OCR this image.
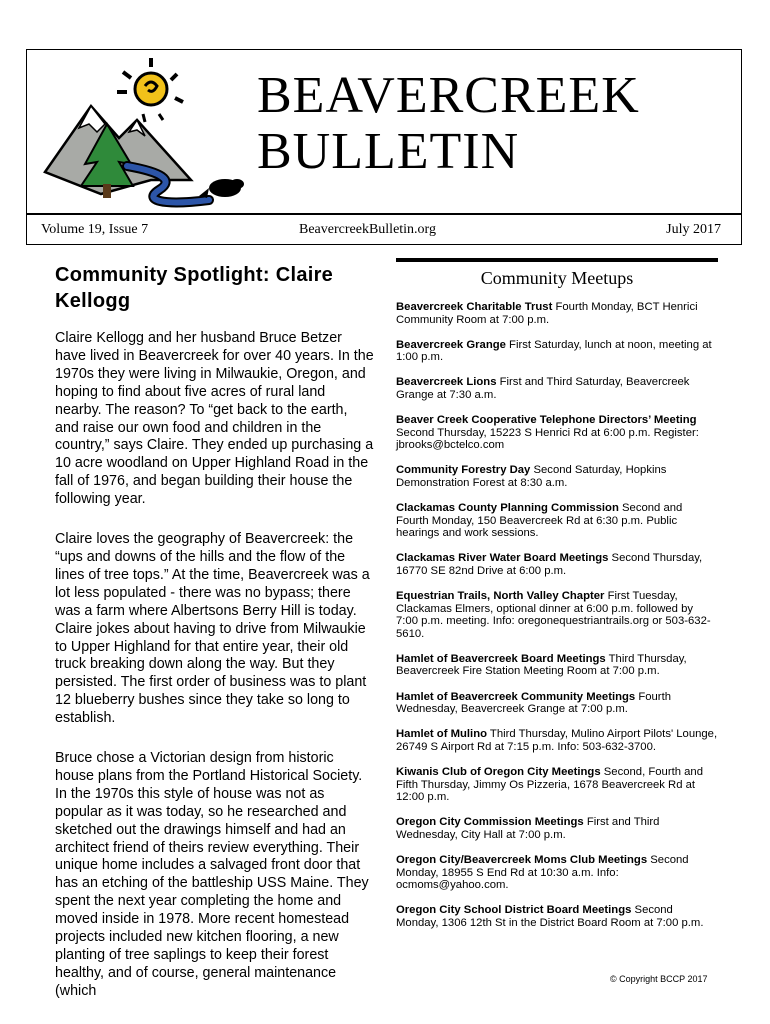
BEAVERCREEK
BULLETIN
Volume 19, Issue 7	BeavercreekBulletin.org	July 2017
Community Spotlight: Claire Kellogg

Claire Kellogg and her husband Bruce Betzer have lived in Beavercreek for over 40 years. In the 1970s they were living in Milwaukie, Oregon, and hoping to find about five acres of rural land nearby. The reason? To “get back to the earth, and raise our own food and children in the country,” says Claire. They ended up purchasing a 10 acre woodland on Upper Highland Road in the fall of 1976, and began building their house the following year.

Claire loves the geography of Beavercreek: the “ups and downs of the hills and the flow of the lines of tree tops.” At the time, Beavercreek was a lot less populated - there was no bypass; there was a farm where Albertsons Berry Hill is today. Claire jokes about having to drive from Milwaukie to Upper Highland for that entire year, their old truck breaking down along the way. But they persisted. The first order of business was to plant 12 blueberry bushes since they take so long to establish.

Bruce chose a Victorian design from historic house plans from the Portland Historical Society. In the 1970s this style of house was not as popular as it was today, so he researched and sketched out the drawings himself and had an architect friend of theirs review everything. Their unique home includes a salvaged front door that has an etching of the battleship USS Maine. They spent the next year completing the home and moved inside in 1978. More recent homestead projects included new kitchen flooring, a new planting of tree saplings to keep their forest healthy, and of course, general maintenance (which

Community Meetups

Beavercreek Charitable Trust Fourth Monday, BCT Henrici Community Room at 7:00 p.m.

Beavercreek Grange First Saturday, lunch at noon, meeting at 1:00 p.m.

Beavercreek Lions First and Third Saturday, Beavercreek Grange at 7:30 a.m.

Beaver Creek Cooperative Telephone Directors’ Meeting Second Thursday, 15223 S Henrici Rd at 6:00 p.m. Register: jbrooks@bctelco.com

Community Forestry Day Second Saturday, Hopkins Demonstration Forest at 8:30 a.m.

Clackamas County Planning Commission Second and Fourth Monday, 150 Beavercreek Rd at 6:30 p.m. Public hearings and work sessions.

Clackamas River Water Board Meetings Second Thursday, 16770 SE 82nd Drive at 6:00 p.m.

Equestrian Trails, North Valley Chapter First Tuesday, Clackamas Elmers, optional dinner at 6:00 p.m. followed by 7:00 p.m. meeting. Info: oregonequestriantrails.org or 503-632-5610.

Hamlet of Beavercreek Board Meetings Third Thursday, Beavercreek Fire Station Meeting Room at 7:00 p.m.

Hamlet of Beavercreek Community Meetings Fourth Wednesday, Beavercreek Grange at 7:00 p.m.

Hamlet of Mulino Third Thursday, Mulino Airport Pilots' Lounge, 26749 S Airport Rd at 7:15 p.m. Info: 503-632-3700.

Kiwanis Club of Oregon City Meetings Second, Fourth and Fifth Thursday, Jimmy Os Pizzeria, 1678 Beavercreek Rd at 12:00 p.m.

Oregon City Commission Meetings First and Third Wednesday, City Hall at 7:00 p.m.

Oregon City/Beavercreek Moms Club Meetings Second Monday, 18955 S End Rd at 10:30 a.m. Info: ocmoms@yahoo.com.

Oregon City School District Board Meetings Second Monday, 1306 12th St in the District Board Room at 7:00 p.m.

© Copyright BCCP 2017
